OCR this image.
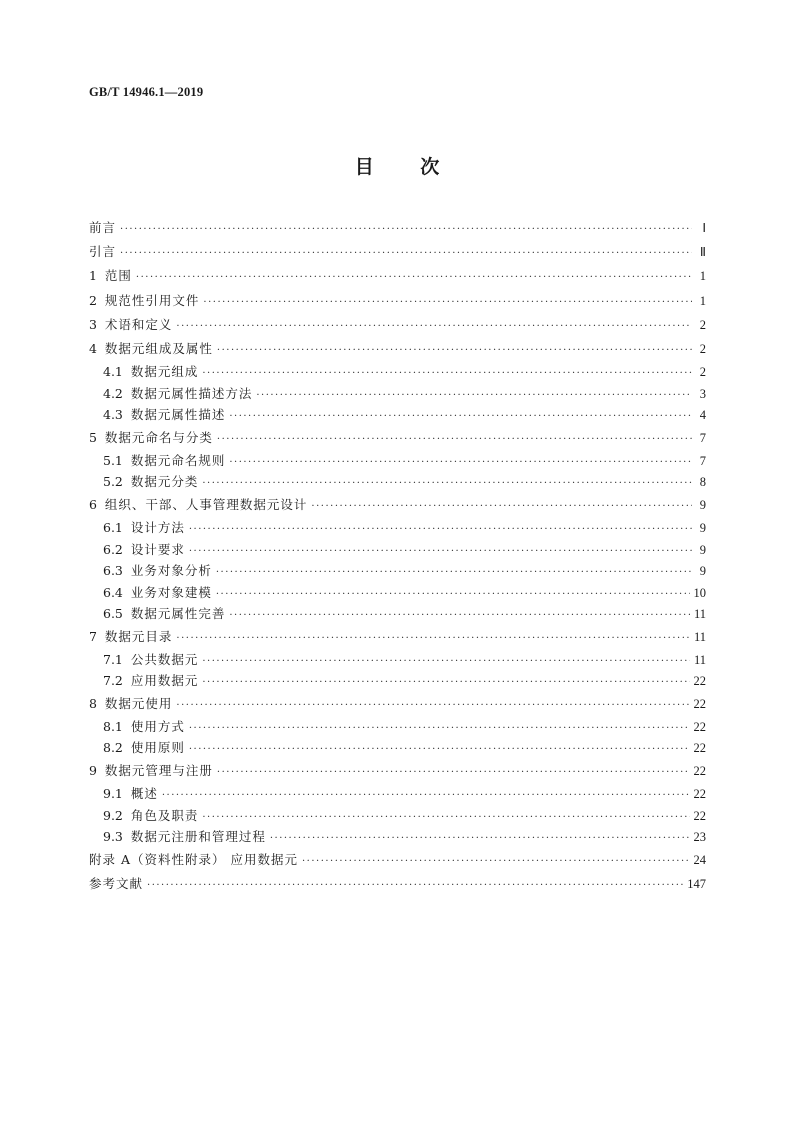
GB/T 14946.1—2019
目 次
前言 ·····	Ⅰ
引言 ·····	Ⅱ
1 范围 ·····	1
2 规范性引用文件 ·····	1
3 术语和定义 ·····	2
4 数据元组成及属性 ·····	2
4.1 数据元组成 ·····	2
4.2 数据元属性描述方法 ·····	3
4.3 数据元属性描述 ·····	4
5 数据元命名与分类 ·····	7
5.1 数据元命名规则 ·····	7
5.2 数据元分类 ·····	8
6 组织、干部、人事管理数据元设计 ·····	9
6.1 设计方法 ·····	9
6.2 设计要求 ·····	9
6.3 业务对象分析 ·····	9
6.4 业务对象建模 ·····	10
6.5 数据元属性完善 ·····	11
7 数据元目录 ·····	11
7.1 公共数据元 ·····	11
7.2 应用数据元 ·····	22
8 数据元使用 ·····	22
8.1 使用方式 ·····	22
8.2 使用原则 ·····	22
9 数据元管理与注册 ·····	22
9.1 概述 ·····	22
9.2 角色及职责 ·····	22
9.3 数据元注册和管理过程 ·····	23
附录 A（资料性附录） 应用数据元 ·····	24
参考文献 ·····	147
